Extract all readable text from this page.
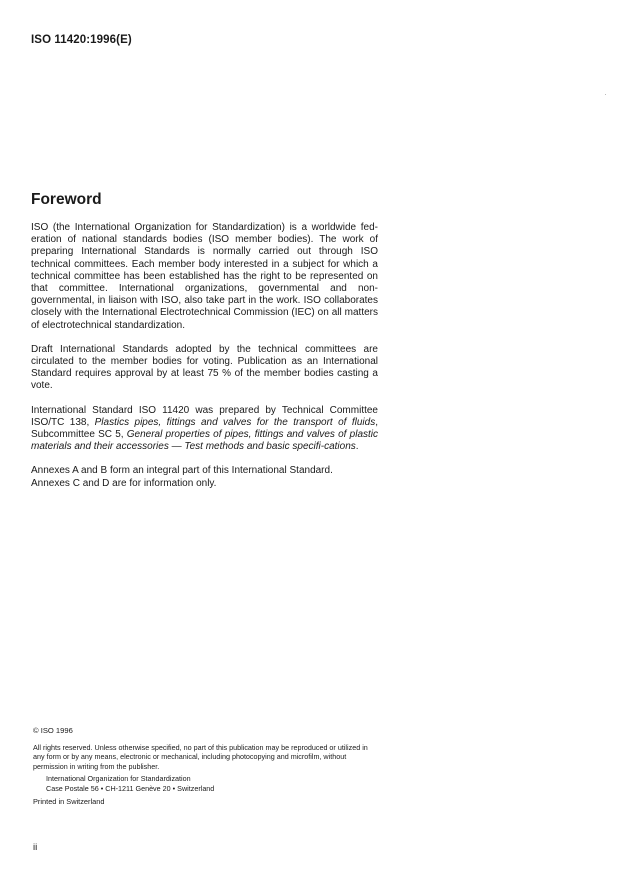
ISO 11420:1996(E)
Foreword

ISO (the International Organization for Standardization) is a worldwide fed-eration of national standards bodies (ISO member bodies). The work of preparing International Standards is normally carried out through ISO technical committees. Each member body interested in a subject for which a technical committee has been established has the right to be represented on that committee. International organizations, governmental and non-governmental, in liaison with ISO, also take part in the work. ISO collaborates closely with the International Electrotechnical Commission (IEC) on all matters of electrotechnical standardization.

Draft International Standards adopted by the technical committees are circulated to the member bodies for voting. Publication as an International Standard requires approval by at least 75 % of the member bodies casting a vote.

International Standard ISO 11420 was prepared by Technical Committee ISO/TC 138, Plastics pipes, fittings and valves for the transport of fluids, Subcommittee SC 5, General properties of pipes, fittings and valves of plastic materials and their accessories — Test methods and basic specifi-cations.

Annexes A and B form an integral part of this International Standard.
Annexes C and D are for information only.

© ISO 1996

All rights reserved. Unless otherwise specified, no part of this publication may be reproduced or utilized in any form or by any means, electronic or mechanical, including photocopying and microfilm, without permission in writing from the publisher.

International Organization for Standardization
Case Postale 56 • CH-1211 Genève 20 • Switzerland

Printed in Switzerland

ii
